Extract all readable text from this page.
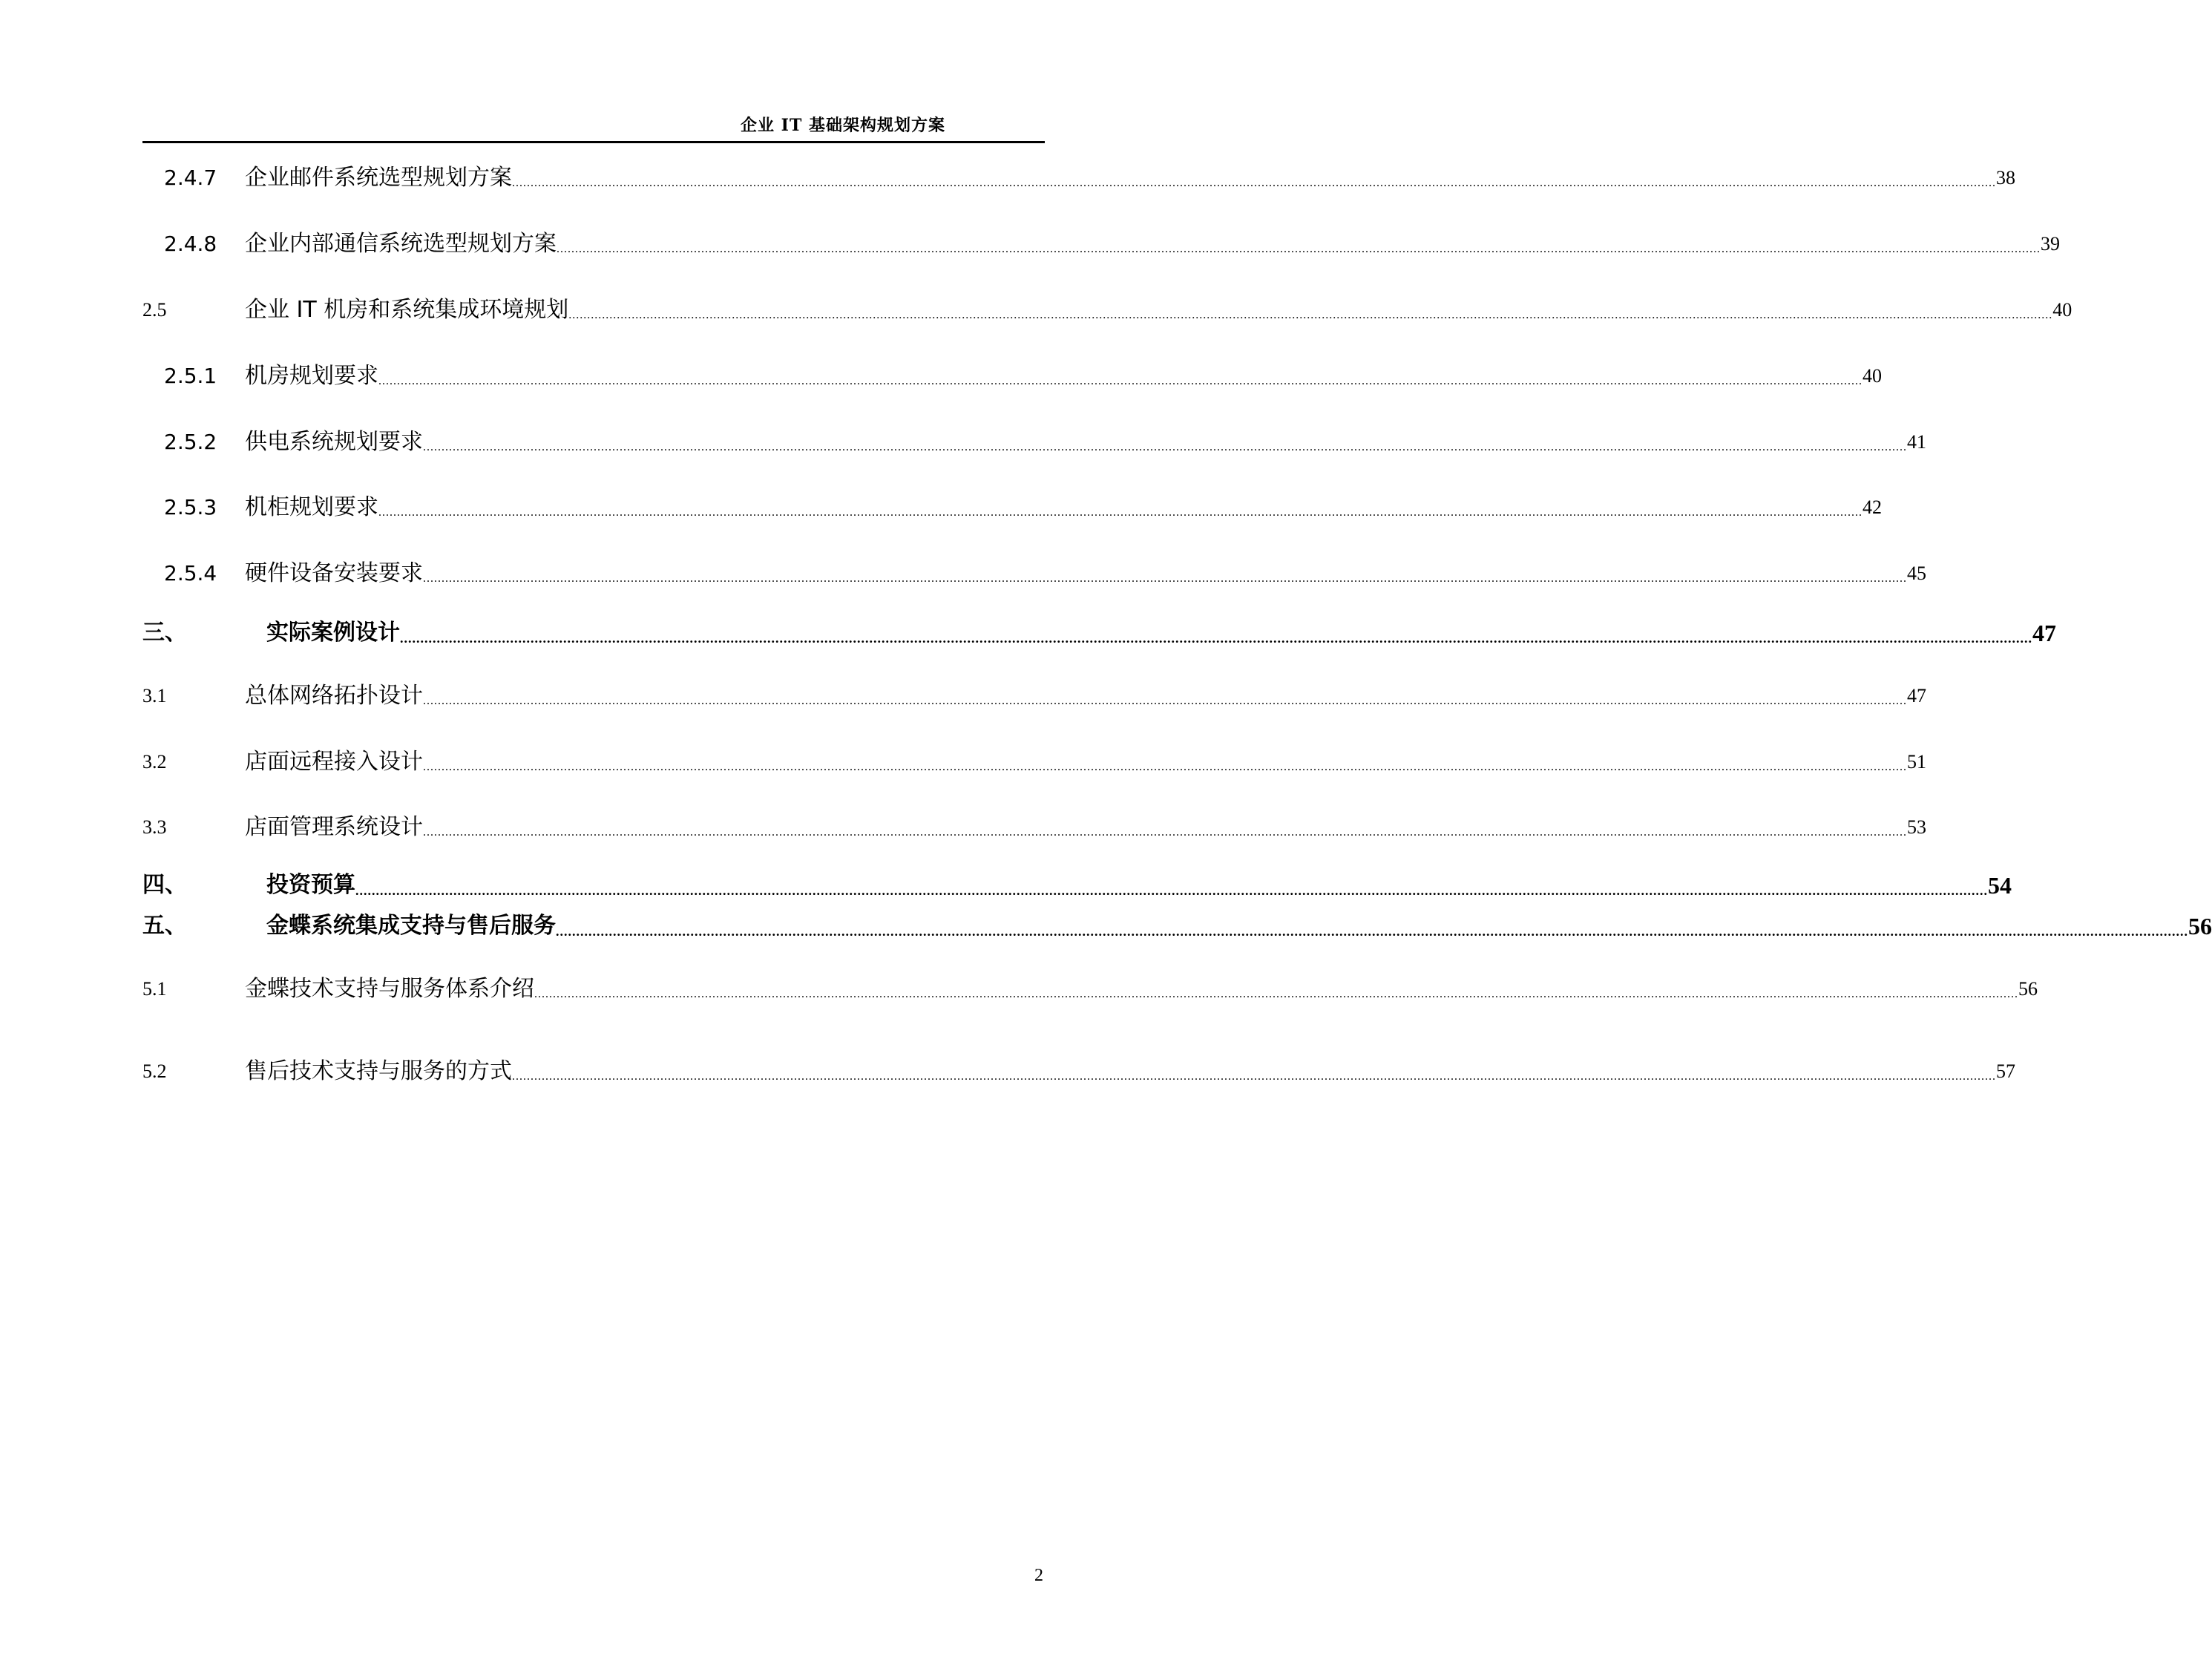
企业 IT 基础架构规划方案
2.4.7	企业邮件系统选型规划方案 ................................................................................................................................................................................................................................................................................................................................................................................................................ 38
2.4.8	企业内部通信系统选型规划方案 ................................................................................................................................................................................................................................................................................................................................................................................................................ 39
2.5	企业 IT 机房和系统集成环境规划 ................................................................................................................................................................................................................................................................................................................................................................................................................ 40
2.5.1	机房规划要求 ................................................................................................................................................................................................................................................................................................................................................................................................................ 40
2.5.2	供电系统规划要求 ................................................................................................................................................................................................................................................................................................................................................................................................................ 41
2.5.3	机柜规划要求 ................................................................................................................................................................................................................................................................................................................................................................................................................ 42
2.5.4	硬件设备安装要求 ................................................................................................................................................................................................................................................................................................................................................................................................................ 45
三、	实际案例设计 ................................................................................................................................................................................................................................................................................................................................................................................................................ 47
3.1	总体网络拓扑设计 ................................................................................................................................................................................................................................................................................................................................................................................................................ 47
3.2	店面远程接入设计 ................................................................................................................................................................................................................................................................................................................................................................................................................ 51
3.3	店面管理系统设计 ................................................................................................................................................................................................................................................................................................................................................................................................................ 53
四、	投资预算 ................................................................................................................................................................................................................................................................................................................................................................................................................ 54
五、	金蝶系统集成支持与售后服务 ................................................................................................................................................................................................................................................................................................................................................................................................................ 56
5.1	金蝶技术支持与服务体系介绍 ................................................................................................................................................................................................................................................................................................................................................................................................................ 56
5.2	售后技术支持与服务的方式 ................................................................................................................................................................................................................................................................................................................................................................................................................ 57
2
